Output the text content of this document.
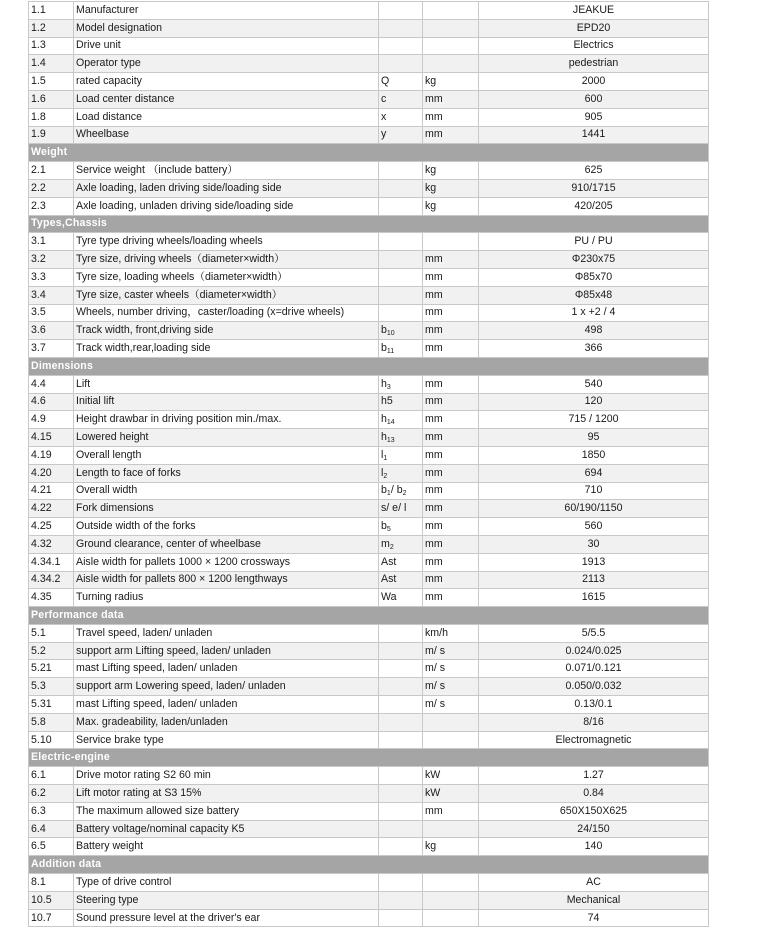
1.1	Manufacturer			JEAKUE
1.2	Model designation			EPD20
1.3	Drive unit			Electrics
1.4	Operator type			pedestrian
1.5	rated capacity	Q	kg	2000
1.6	Load center distance	c	mm	600
1.8	Load distance	x	mm	905
1.9	Wheelbase	y	mm	1441
Weight				
2.1	Service weight （include battery）		kg	625
2.2	Axle loading, laden driving side/loading side		kg	910/1715
2.3	Axle loading, unladen driving side/loading side		kg	420/205
Types,Chassis				
3.1	Tyre type driving wheels/loading wheels			PU / PU
3.2	Tyre size, driving wheels（diameter×width）		mm	Φ230x75
3.3	Tyre size, loading wheels（diameter×width）		mm	Φ85x70
3.4	Tyre size, caster wheels（diameter×width）		mm	Φ85x48
3.5	Wheels, number driving，caster/loading (x=drive wheels)		mm	1 x +2 / 4
3.6	Track width, front,driving side	$b_{10}$	mm	498
3.7	Track width,rear,loading side	$b_{11}$	mm	366
Dimensions				
4.4	Lift	$h_3$	mm	540
4.6	Initial lift	h5	mm	120
4.9	Height drawbar in driving position min./max.	$h_{14}$	mm	715 / 1200
4.15	Lowered height	$h_{13}$	mm	95
4.19	Overall length	$l_1$	mm	1850
4.20	Length to face of forks	$l_2$	mm	694
4.21	Overall width	$b_1/$ $b_2$	mm	710
4.22	Fork dimensions	s/ e/ l	mm	60/190/1150
4.25	Outside width of the forks	$b_5$	mm	560
4.32	Ground clearance, center of wheelbase	$m_2$	mm	30
4.34.1	Aisle width for pallets 1000 × 1200 crossways	Ast	mm	1913
4.34.2	Aisle width for pallets 800 × 1200 lengthways	Ast	mm	2113
4.35	Turning radius	Wa	mm	1615
Performance data				
5.1	Travel speed, laden/ unladen		km/h	5/5.5
5.2	support arm Lifting speed, laden/ unladen		m/ s	0.024/0.025
5.21	mast Lifting speed, laden/ unladen		m/ s	0.071/0.121
5.3	support arm Lowering speed, laden/ unladen		m/ s	0.050/0.032
5.31	mast Lifting speed, laden/ unladen		m/ s	0.13/0.1
5.8	Max. gradeability, laden/unladen			8/16
5.10	Service brake type			Electromagnetic
Electric-engine				
6.1	Drive motor rating S2 60 min		kW	1.27
6.2	Lift motor rating at S3 15%		kW	0.84
6.3	The maximum allowed size battery		mm	650X150X625
6.4	Battery voltage/nominal capacity K5			24/150
6.5	Battery weight		kg	140
Addition data				
8.1	Type of drive control			AC
10.5	Steering type			Mechanical
10.7	Sound pressure level at the driver's ear			74
